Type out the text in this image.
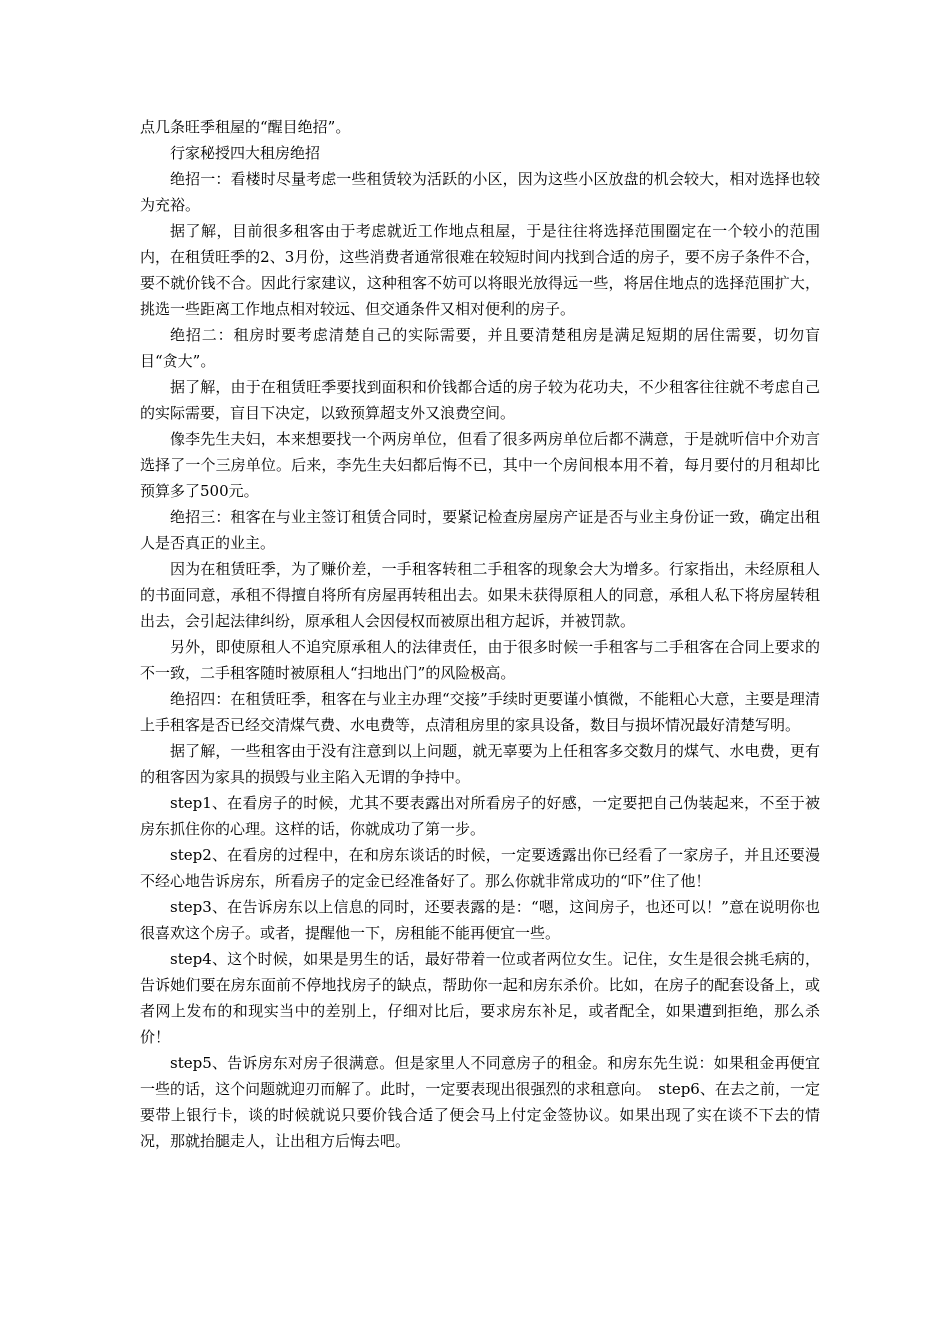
点几条旺季租屋的“醒目绝招”。

行家秘授四大租房绝招

绝招一：看楼时尽量考虑一些租赁较为活跃的小区，因为这些小区放盘的机会较大，相对选择也较为充裕。

据了解，目前很多租客由于考虑就近工作地点租屋，于是往往将选择范围圈定在一个较小的范围内，在租赁旺季的2、3月份，这些消费者通常很难在较短时间内找到合适的房子，要不房子条件不合，要不就价钱不合。因此行家建议，这种租客不妨可以将眼光放得远一些，将居住地点的选择范围扩大，挑选一些距离工作地点相对较远、但交通条件又相对便利的房子。

绝招二：租房时要考虑清楚自己的实际需要，并且要清楚租房是满足短期的居住需要，切勿盲目“贪大”。

据了解，由于在租赁旺季要找到面积和价钱都合适的房子较为花功夫，不少租客往往就不考虑自己的实际需要，盲目下决定，以致预算超支外又浪费空间。

像李先生夫妇，本来想要找一个两房单位，但看了很多两房单位后都不满意，于是就听信中介劝言选择了一个三房单位。后来，李先生夫妇都后悔不已，其中一个房间根本用不着，每月要付的月租却比预算多了500元。

绝招三：租客在与业主签订租赁合同时，要紧记检查房屋房产证是否与业主身份证一致，确定出租人是否真正的业主。

因为在租赁旺季，为了赚价差，一手租客转租二手租客的现象会大为增多。行家指出，未经原租人的书面同意，承租不得擅自将所有房屋再转租出去。如果未获得原租人的同意，承租人私下将房屋转租出去，会引起法律纠纷，原承租人会因侵权而被原出租方起诉，并被罚款。

另外，即使原租人不追究原承租人的法律责任，由于很多时候一手租客与二手租客在合同上要求的不一致，二手租客随时被原租人“扫地出门”的风险极高。

绝招四：在租赁旺季，租客在与业主办理“交接”手续时更要谨小慎微，不能粗心大意，主要是理清上手租客是否已经交清煤气费、水电费等，点清租房里的家具设备，数目与损坏情况最好清楚写明。

据了解，一些租客由于没有注意到以上问题，就无辜要为上任租客多交数月的煤气、水电费，更有的租客因为家具的损毁与业主陷入无谓的争持中。

step1、在看房子的时候，尤其不要表露出对所看房子的好感，一定要把自己伪装起来，不至于被房东抓住你的心理。这样的话，你就成功了第一步。

step2、在看房的过程中，在和房东谈话的时候，一定要透露出你已经看了一家房子，并且还要漫不经心地告诉房东，所看房子的定金已经准备好了。那么你就非常成功的“吓”住了他！

step3、在告诉房东以上信息的同时，还要表露的是：“嗯，这间房子，也还可以！”意在说明你也很喜欢这个房子。或者，提醒他一下，房租能不能再便宜一些。

step4、这个时候，如果是男生的话，最好带着一位或者两位女生。记住，女生是很会挑毛病的，告诉她们要在房东面前不停地找房子的缺点，帮助你一起和房东杀价。比如，在房子的配套设备上，或者网上发布的和现实当中的差别上，仔细对比后，要求房东补足，或者配全，如果遭到拒绝，那么杀价！

step5、告诉房东对房子很满意。但是家里人不同意房子的租金。和房东先生说：如果租金再便宜一些的话，这个问题就迎刃而解了。此时，一定要表现出很强烈的求租意向。　step6、在去之前，一定要带上银行卡，谈的时候就说只要价钱合适了便会马上付定金签协议。如果出现了实在谈不下去的情况，那就抬腿走人，让出租方后悔去吧。
